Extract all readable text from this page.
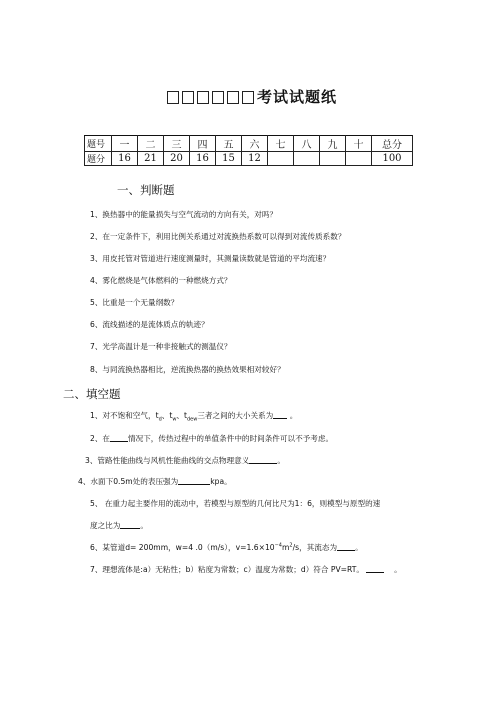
考试试题纸
题号	一	二	三	四	五	六	七	八	九	十	总分
题分	16	21	20	16	15	12					100
一、判断题
1、换热器中的能量损失与空气流动的方向有关，对吗？
2、在一定条件下，利用比例关系通过对流换热系数可以得到对流传质系数？
3、用皮托管对管道进行速度测量时，其测量读数就是管道的平均流速？
4、雾化燃烧是气体燃料的一种燃烧方式？
5、比重是一个无量纲数？
6、流线描述的是流体质点的轨迹？
7、光学高温计是一种非接触式的测温仪？
8、与同流换热器相比，逆流换热器的换热效果相对较好？
二、填空题
1、对不饱和空气，$t_d$、$t_w$、$t_{dew}$三者之间的大小关系为 。
2、在 情况下，传热过程中的单值条件中的时间条件可以不予考虑。
3、管路性能曲线与风机性能曲线的交点物理意义	。
4、水面下0.5m处的表压强为	kpa。
5、 在重力起主要作用的流动中，若模型与原型的几何比尺为1：6，则模型与原型的速
度之比为	。
6、某管道d= 200mm，w=4 .0（m/s），$v=1.6\times 10^{-4}m^2/s$，其流态为 。
7、理想流体是:a）无粘性；b）粘度为常数；c）温度为常数；d）符合 PV=RT。	。
